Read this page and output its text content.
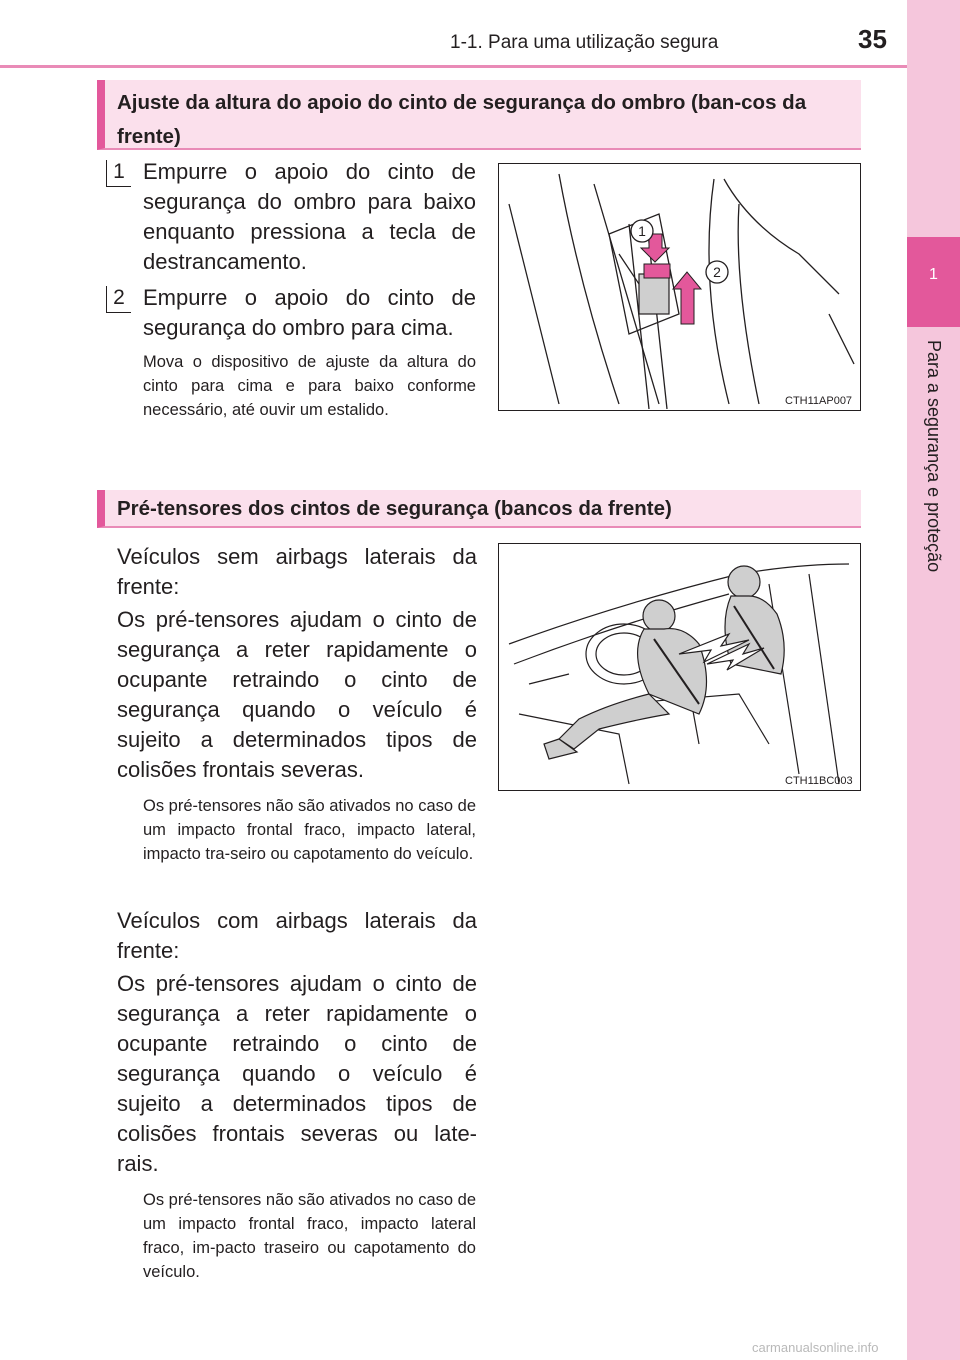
1
Para a segurança e proteção
1-1. Para uma utilização segura	35
Ajuste da altura do apoio do cinto de segurança do ombro (ban-cos da frente)
1 Empurre o apoio do cinto de segurança do ombro para baixo enquanto pressiona a tecla de destrancamento.
2 Empurre o apoio do cinto de segurança do ombro para cima.
Mova o dispositivo de ajuste da altura do cinto para cima e para baixo conforme necessário, até ouvir um estalido.
1
2
CTH11AP007
Pré-tensores dos cintos de segurança (bancos da frente)
Veículos sem airbags laterais da frente:
Os pré-tensores ajudam o cinto de segurança a reter rapidamente o ocupante retraindo o cinto de segurança quando o veículo é sujeito a determinados tipos de colisões frontais severas.
Os pré-tensores não são ativados no caso de um impacto frontal fraco, impacto lateral, impacto tra-seiro ou capotamento do veículo.
Veículos com airbags laterais da frente:
Os pré-tensores ajudam o cinto de segurança a reter rapidamente o ocupante retraindo o cinto de segurança quando o veículo é sujeito a determinados tipos de colisões frontais severas ou late-rais.
Os pré-tensores não são ativados no caso de um impacto frontal fraco, impacto lateral fraco, im-pacto traseiro ou capotamento do veículo.
CTH11BC003
carmanualsonline.info
